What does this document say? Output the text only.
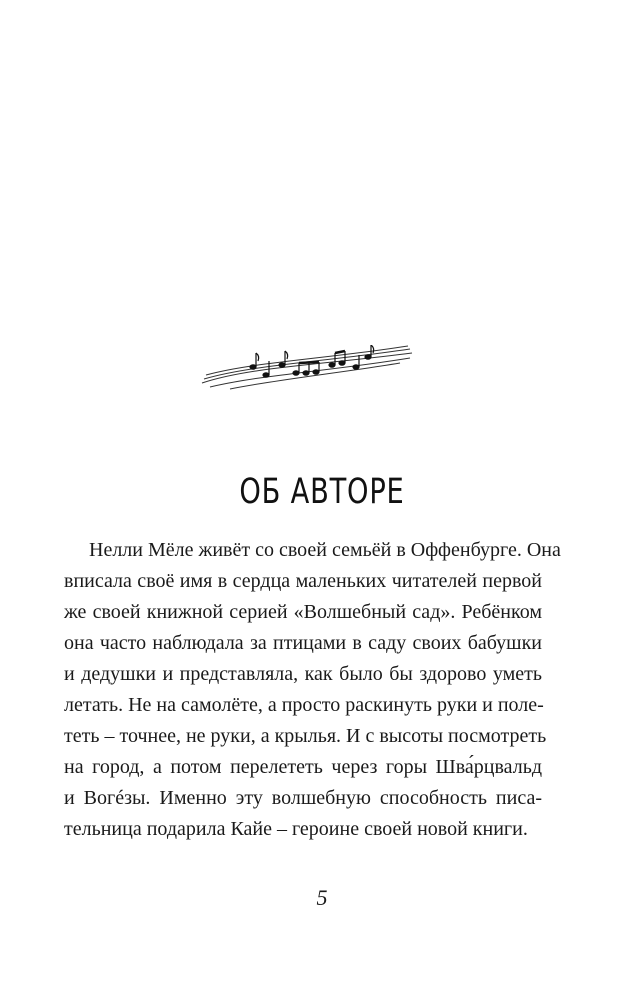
ОБ АВТОРЕ
Нелли Мёле живёт со своей семьёй в Оффенбурге. Она
вписала своё имя в сердца маленьких читателей первой
же своей книжной серией «Волшебный сад». Ребёнком
она часто наблюдала за птицами в саду своих бабушки
и дедушки и представляла, как было бы здорово уметь
летать. Не на самолёте, а просто раскинуть руки и поле-
теть – точнее, не руки, а крылья. И с высоты посмотреть
на город, а потом перелететь через горы Шва́рцвальд
и Вогéзы. Именно эту волшебную способность писа-
тельница подарила Кайе – героине своей новой книги.
5
